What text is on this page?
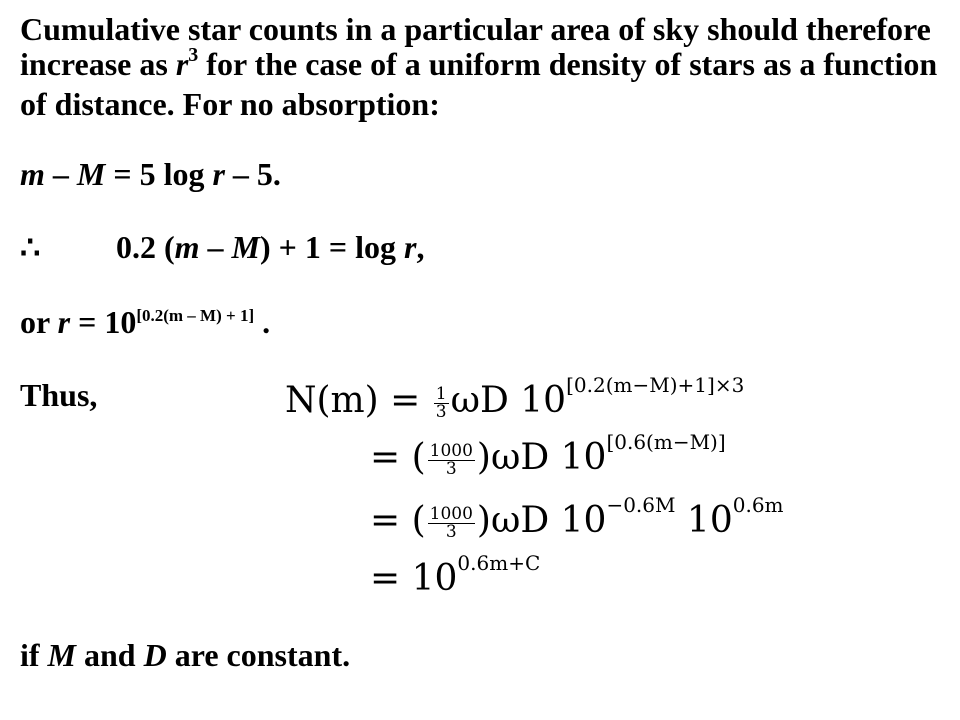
Cumulative star counts in a particular area of sky should therefore increase as $r^3$ for the case of a uniform density of stars as a function of distance. For no absorption:
m – M = 5 log r – 5.
∴ 0.2 (m – M) + 1 = log r,
or r = 10[0.2(m – M) + 1] .
Thus,	$N(m) = \frac{1}{3}$ ωD $10^{[0.2(m-M)+1]\times 3}$
= ( $\frac{1000}{3} )\omega D$ 10[0.6(m−M)]
= ( $\frac{1000}{3} )\omega D$ $10^{-0.6M}$ $10^{0.6m}$
= $10^{0.6m+C}$
if M and D are constant.
